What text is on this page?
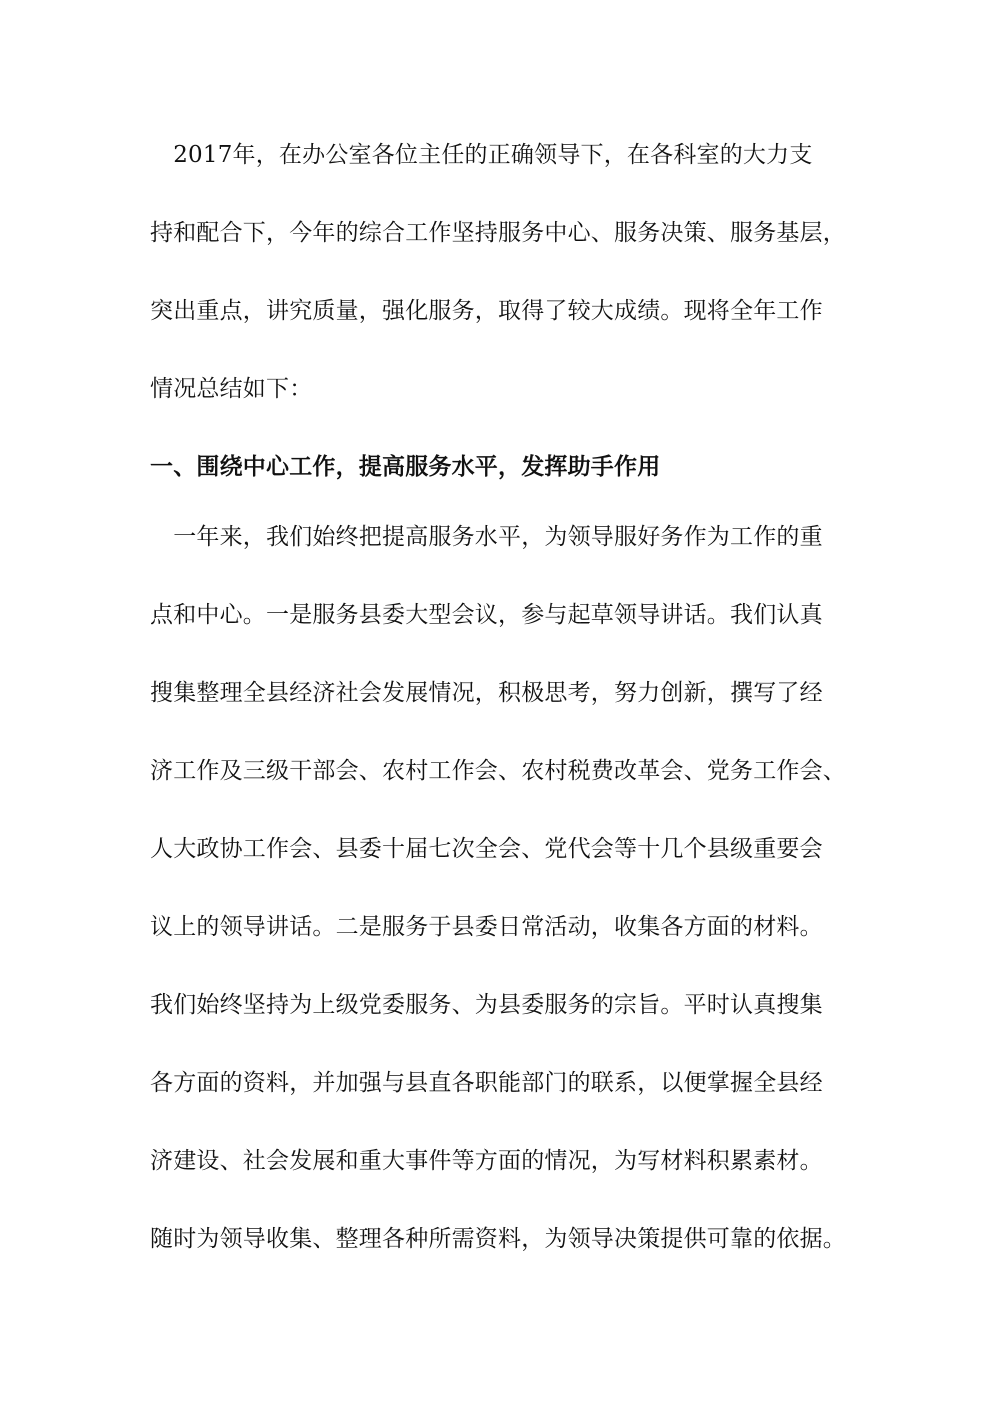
　2017年，在办公室各位主任的正确领导下，在各科室的大力支
持和配合下，今年的综合工作坚持服务中心、服务决策、服务基层，
突出重点，讲究质量，强化服务，取得了较大成绩。现将全年工作
情况总结如下：
一、围绕中心工作，提高服务水平，发挥助手作用
　一年来，我们始终把提高服务水平，为领导服好务作为工作的重
点和中心。一是服务县委大型会议，参与起草领导讲话。我们认真
搜集整理全县经济社会发展情况，积极思考，努力创新，撰写了经
济工作及三级干部会、农村工作会、农村税费改革会、党务工作会、
人大政协工作会、县委十届七次全会、党代会等十几个县级重要会
议上的领导讲话。二是服务于县委日常活动，收集各方面的材料。
我们始终坚持为上级党委服务、为县委服务的宗旨。平时认真搜集
各方面的资料，并加强与县直各职能部门的联系，以便掌握全县经
济建设、社会发展和重大事件等方面的情况，为写材料积累素材。
随时为领导收集、整理各种所需资料，为领导决策提供可靠的依据。
